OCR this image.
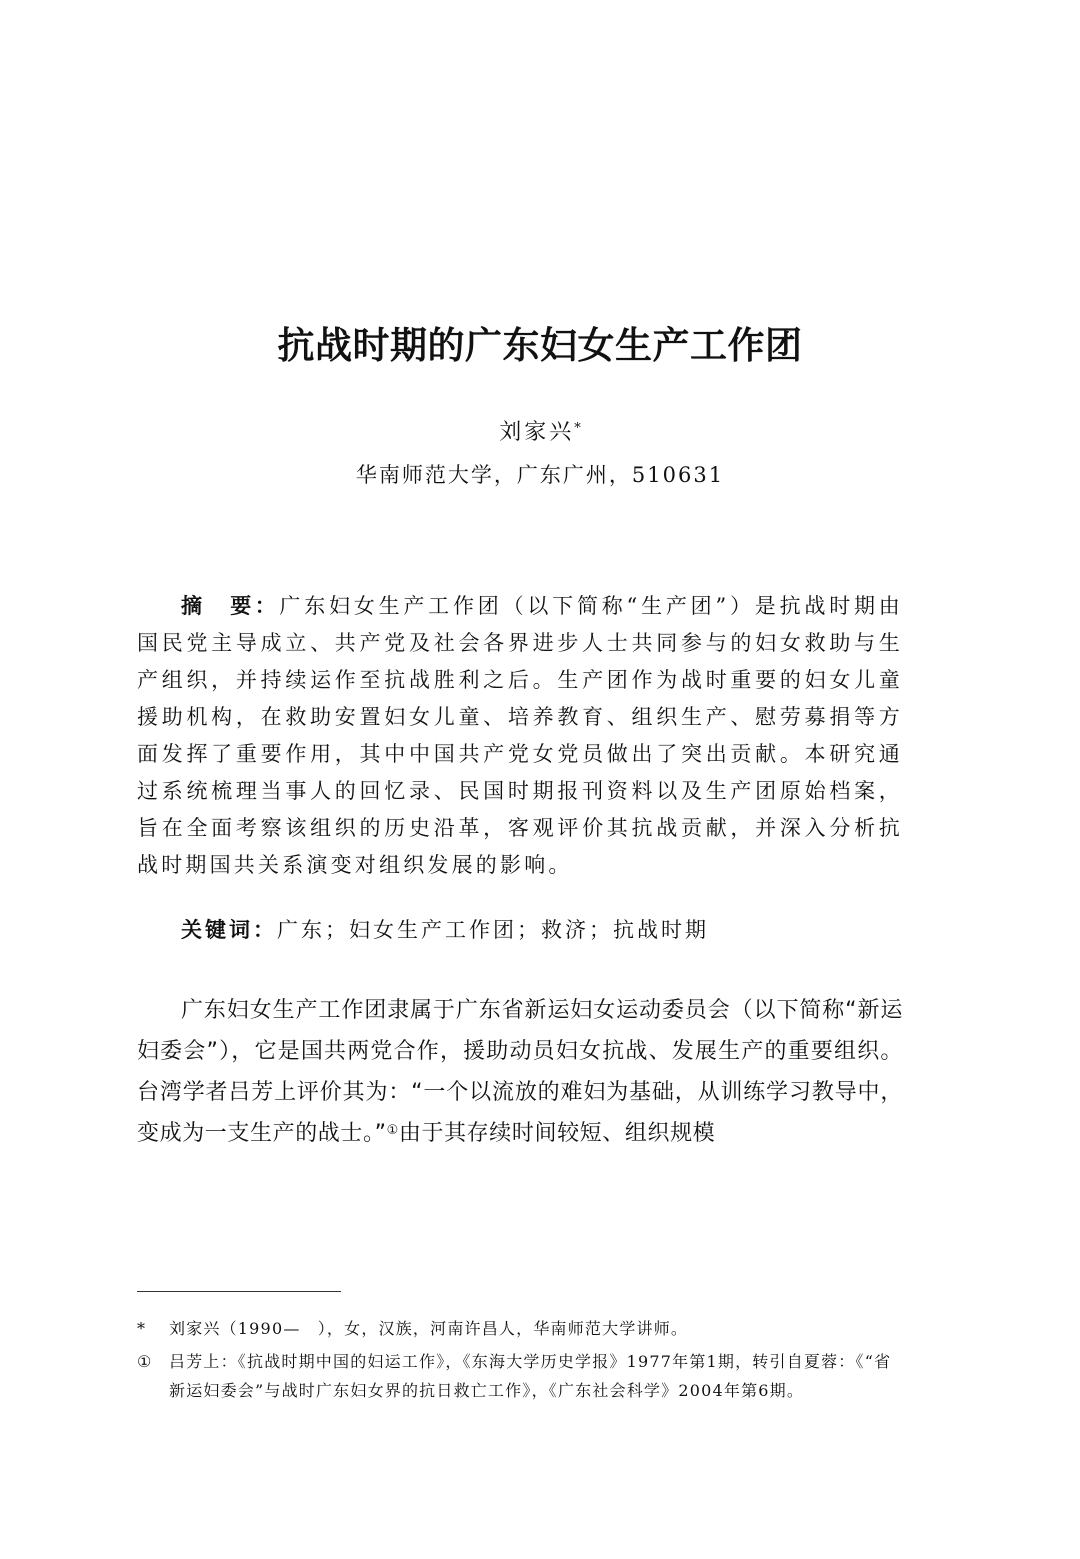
抗战时期的广东妇女生产工作团
刘家兴*
华南师范大学，广东广州，510631

摘　要：广东妇女生产工作团（以下简称“生产团”）是抗战时期由国民党主导成立、共产党及社会各界进步人士共同参与的妇女救助与生产组织，并持续运作至抗战胜利之后。生产团作为战时重要的妇女儿童援助机构，在救助安置妇女儿童、培养教育、组织生产、慰劳募捐等方面发挥了重要作用，其中中国共产党女党员做出了突出贡献。本研究通过系统梳理当事人的回忆录、民国时期报刊资料以及生产团原始档案，旨在全面考察该组织的历史沿革，客观评价其抗战贡献，并深入分析抗战时期国共关系演变对组织发展的影响。

关键词：广东；妇女生产工作团；救济；抗战时期

广东妇女生产工作团隶属于广东省新运妇女运动委员会（以下简称“新运妇委会”），它是国共两党合作，援助动员妇女抗战、发展生产的重要组织。台湾学者吕芳上评价其为：“一个以流放的难妇为基础，从训练学习教导中，变成为一支生产的战士。”①由于其存续时间较短、组织规模

*	刘家兴（1990—　），女，汉族，河南许昌人，华南师范大学讲师。
①	吕芳上：《抗战时期中国的妇运工作》，《东海大学历史学报》1977年第1期，转引自夏蓉：《“省新运妇委会”与战时广东妇女界的抗日救亡工作》，《广东社会科学》2004年第6期。
